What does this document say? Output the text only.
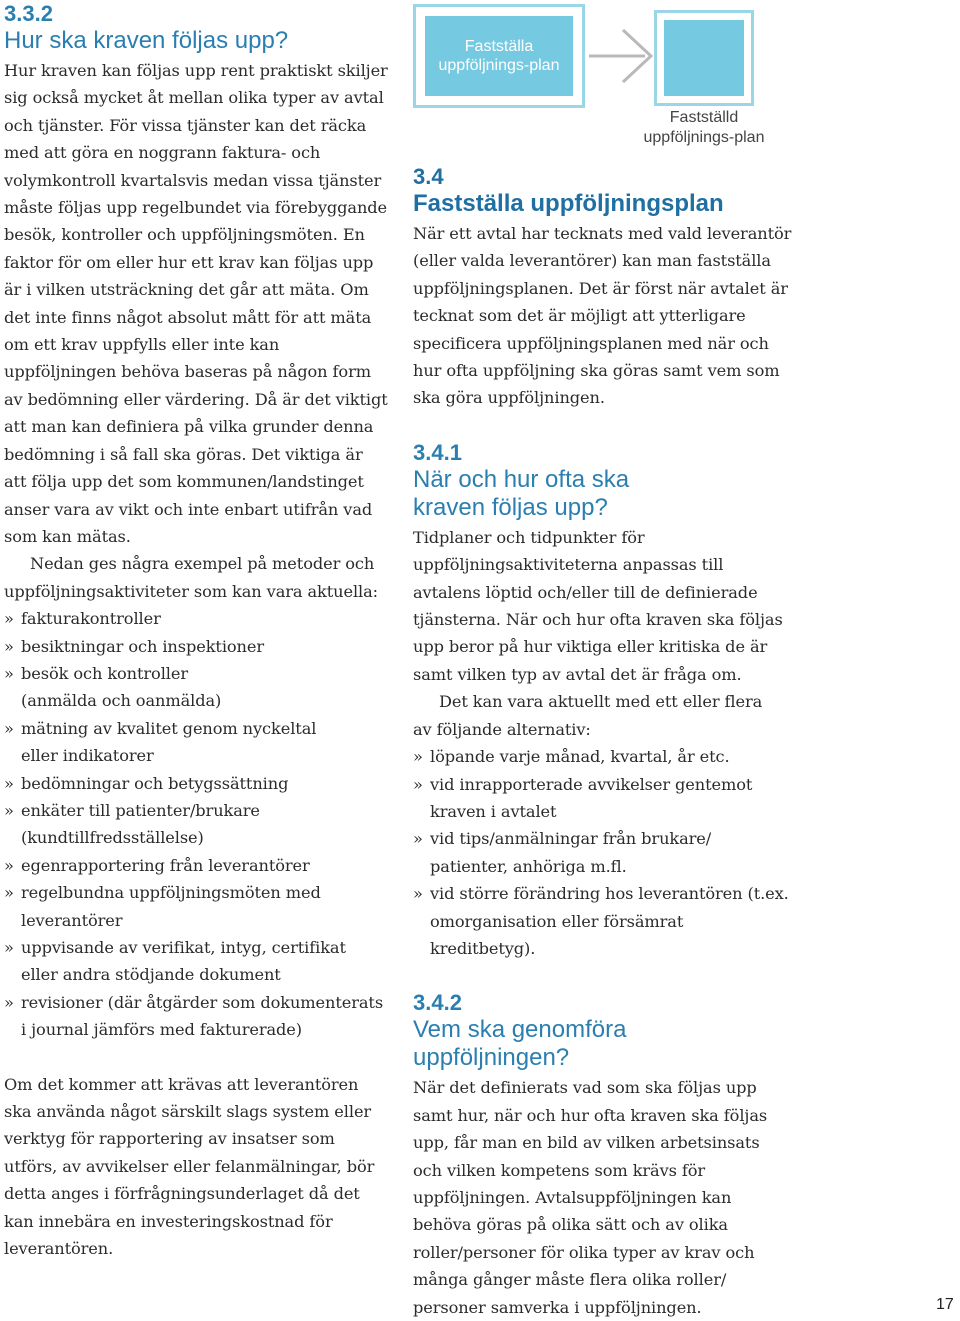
3.3.2
Hur ska kraven följas upp?

Hur kraven kan följas upp rent praktiskt skiljer sig också mycket åt mellan olika typer av avtal och tjänster. För vissa tjänster kan det räcka med att göra en noggrann faktura- och volymkontroll kvartalsvis medan vissa tjänster måste följas upp regelbundet via förebyggande besök, kontroller och uppföljningsmöten. En faktor för om eller hur ett krav kan följas upp är i vilken utsträckning det går att mäta. Om det inte finns något absolut mått för att mäta om ett krav uppfylls eller inte kan uppföljningen behöva baseras på någon form av bedömning eller värdering. Då är det viktigt att man kan definiera på vilka grunder denna bedömning i så fall ska göras. Det viktiga är att följa upp det som kommunen/landstinget anser vara av vikt och inte enbart utifrån vad som kan mätas.

Nedan ges några exempel på metoder och uppföljningsaktiviteter som kan vara aktuella:

» fakturakontroller
» besiktningar och inspektioner
» besök och kontroller (anmälda och oanmälda)
» mätning av kvalitet genom nyckeltal eller indikatorer
» bedömningar och betygssättning
» enkäter till patienter/brukare (kundtillfredsställelse)
» egenrapportering från leverantörer
» regelbundna uppföljningsmöten med leverantörer
» uppvisande av verifikat, intyg, certifikat eller andra stödjande dokument
» revisioner (där åtgärder som dokumenterats i journal jämförs med fakturerade)

Om det kommer att krävas att leverantören ska använda något särskilt slags system eller verktyg för rapportering av insatser som utförs, av avvikelser eller felanmälningar, bör detta anges i förfrågningsunderlaget då det kan innebära en investeringskostnad för leverantören.

Fastställa uppföljnings-plan
Fastställd uppföljnings-plan
3.4
Fastställa uppföljningsplan

När ett avtal har tecknats med vald leverantör (eller valda leverantörer) kan man fastställa uppföljningsplanen. Det är först när avtalet är tecknat som det är möjligt att ytterligare specificera uppföljningsplanen med när och hur ofta uppföljning ska göras samt vem som ska göra uppföljningen.

3.4.1
När och hur ofta ska kraven följas upp?

Tidplaner och tidpunkter för uppföljningsaktiviteterna anpassas till avtalens löptid och/eller till de definierade tjänsterna. När och hur ofta kraven ska följas upp beror på hur viktiga eller kritiska de är samt vilken typ av avtal det är fråga om.

Det kan vara aktuellt med ett eller flera av följande alternativ:

» löpande varje månad, kvartal, år etc.
» vid inrapporterade avvikelser gentemot kraven i avtalet
» vid tips/anmälningar från brukare/ patienter, anhöriga m.fl.
» vid större förändring hos leverantören (t.ex. omorganisation eller försämrat kreditbetyg).
3.4.2
Vem ska genomföra uppföljningen?

När det definierats vad som ska följas upp samt hur, när och hur ofta kraven ska följas upp, får man en bild av vilken arbetsinsats och vilken kompetens som krävs för uppföljningen. Avtalsuppföljningen kan behöva göras på olika sätt och av olika roller/personer för olika typer av krav och många gånger måste flera olika roller/ personer samverka i uppföljningen.	17
